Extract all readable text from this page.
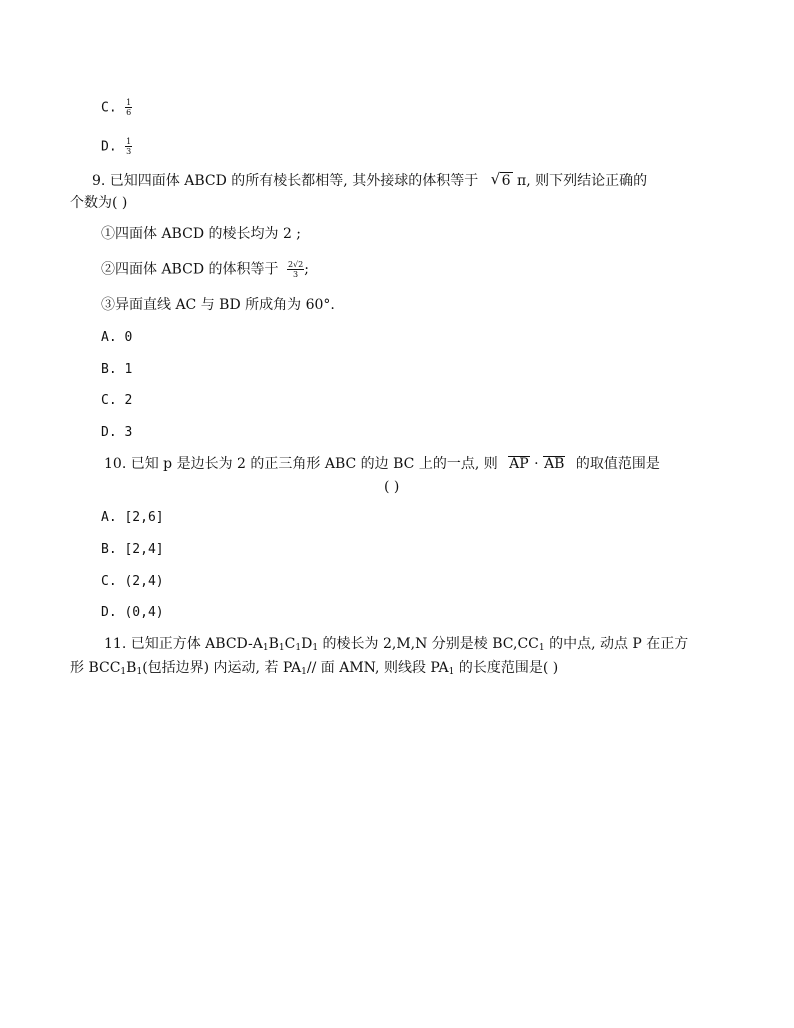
C. $\frac{1}{6}$
D. $\frac{1}{3}$
9. 已知四面体 ABCD 的所有棱长都相等, 其外接球的体积等于 √ 6 π, 则下列结论正确的
个数为( )
①四面体 ABCD 的棱长均为 2 ;
②四面体 ABCD 的体积等于 $\frac{2√2}{3}$ ;
③异面直线 AC 与 BD 所成角为 60°.
A. 0
B. 1
C. 2
D. 3
10. 已知 p 是边长为 2 的正三角形 ABC 的边 BC 上的一点, 则 AP · AB 的取值范围是
( )
A. [2,6]
B. [2,4]
C. (2,4)
D. (0,4)
11. 已知正方体 ABCD-$A_1B_1C_1D_1$ 的棱长为 2,M,N 分别是棱 $BC,CC_1$ 的中点, 动点 P 在正方
形 $BCC_1B_1$(包括边界) 内运动, 若 $PA_1//$ 面 AMN, 则线段 $PA_1$ 的长度范围是( )
